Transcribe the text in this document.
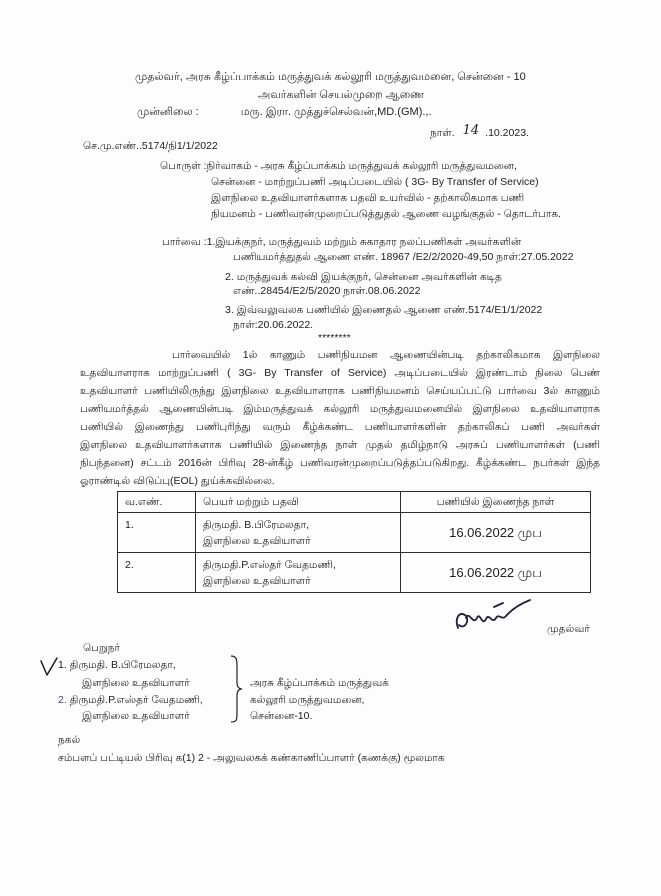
முதல்வர், அரசு கீழ்ப்பாக்கம் மருத்துவக் கல்லூரி மருத்துவமனை, சென்னை - 10
அவர்களின் செயல்முறை ஆணை
முன்னிலை :	மரு. இரா. முத்துச்செல்வன்,MD.(GM).,.
நாள். 14 .10.2023.
செ.மு.எண்..5174/நி1/1/2022
பொருள் :நிர்வாகம் - அரசு கீழ்ப்பாக்கம் மருத்துவக் கல்லூரி மருத்துவமனை,
சென்னை - மாற்றுப்பணி அடிப்படையில் ( 3G- By Transfer of Service)
இளநிலை உதவியாளர்களாக பதவி உயர்வில் - தற்காலிகமாக பணி
நியமனம் - பணிவரன்முறைப்படுத்துதல் ஆணை வழங்குதல் - தொடர்பாக.
பார்வை :1.இயக்குநர், மருத்துவம் மற்றும் சுகாதார நலப்பணிகள் அவர்களின்
பணியமர்த்துதல் ஆணை எண். 18967 /E2/2/2020-49,50 நாள்:27.05.2022
2. மருத்துவக் கல்வி இயக்குநர், சென்னை அவர்களின் கடித
எண்..28454/E2/5/2020 நாள்.08.06.2022
3. இவ்வலுவலக பணியில் இணைதல் ஆணை எண்.5174/E1/1/2022
நாள்:20.06.2022.
********
பார்வையில் 1ல் காணும் பணிநியமன ஆணையின்படி தற்காலிகமாக இளநிலை
உதவியாளராக மாற்றுப்பணி ( 3G- By Transfer of Service) அடிப்படையில் இரண்டாம் நிலை பெண்
உதவியாளர் பணியிலிருந்து இளநிலை உதவியாளராக பணிநியமனம் செய்யப்பட்டு பார்வை 3ல் காணும்
பணியமர்த்தல் ஆணையின்படி இம்மருத்துவக் கல்லூரி மருத்துவமனையில் இளநிலை உதவியாளராக
பணியில் இணைந்து பணிபுரிந்து வரும் கீழ்க்கண்ட பணியாளர்களின் தற்காலிகப் பணி அவர்கள்
இளநிலை உதவியாளர்களாக பணியில் இணைந்த நாள் முதல் தமிழ்நாடு அரசுப் பணியாளர்கள் (பணி
நிபந்தனை) சட்டம் 2016ன் பிரிவு 28-ன்கீழ் பணிவரன்முறைப்படுத்தப்படுகிறது. கீழ்க்கண்ட நபர்கள் இந்த
ஓராண்டில் விடுப்பு(EOL) துய்க்கவில்லை.
வ.எண்.	பெயர் மற்றும் பதவி	பணியில் இணைந்த நாள்

1.	திருமதி. B.பிரேமலதா,
இளநிலை உதவியாளர்	16.06.2022 முப

2.	திருமதி.P.எஸ்தர் வேதமணி,
இளநிலை உதவியாளர்	16.06.2022 முப
முதல்வர்
பெறுநர்
1. திருமதி. B.பிரேமலதா,
இளநிலை உதவியாளர்
2. திருமதி.P.எஸ்தர் வேதமணி,
இளநிலை உதவியாளர்
அரசு கீழ்ப்பாக்கம் மருத்துவக்
கல்லூரி மருத்துவமனை,
சென்னை-10.
நகல்
சம்பளப் பட்டியல் பிரிவு க(1) 2 - அலுவலகக் கண்காணிப்பாளர் (கணக்கு) மூலமாக
